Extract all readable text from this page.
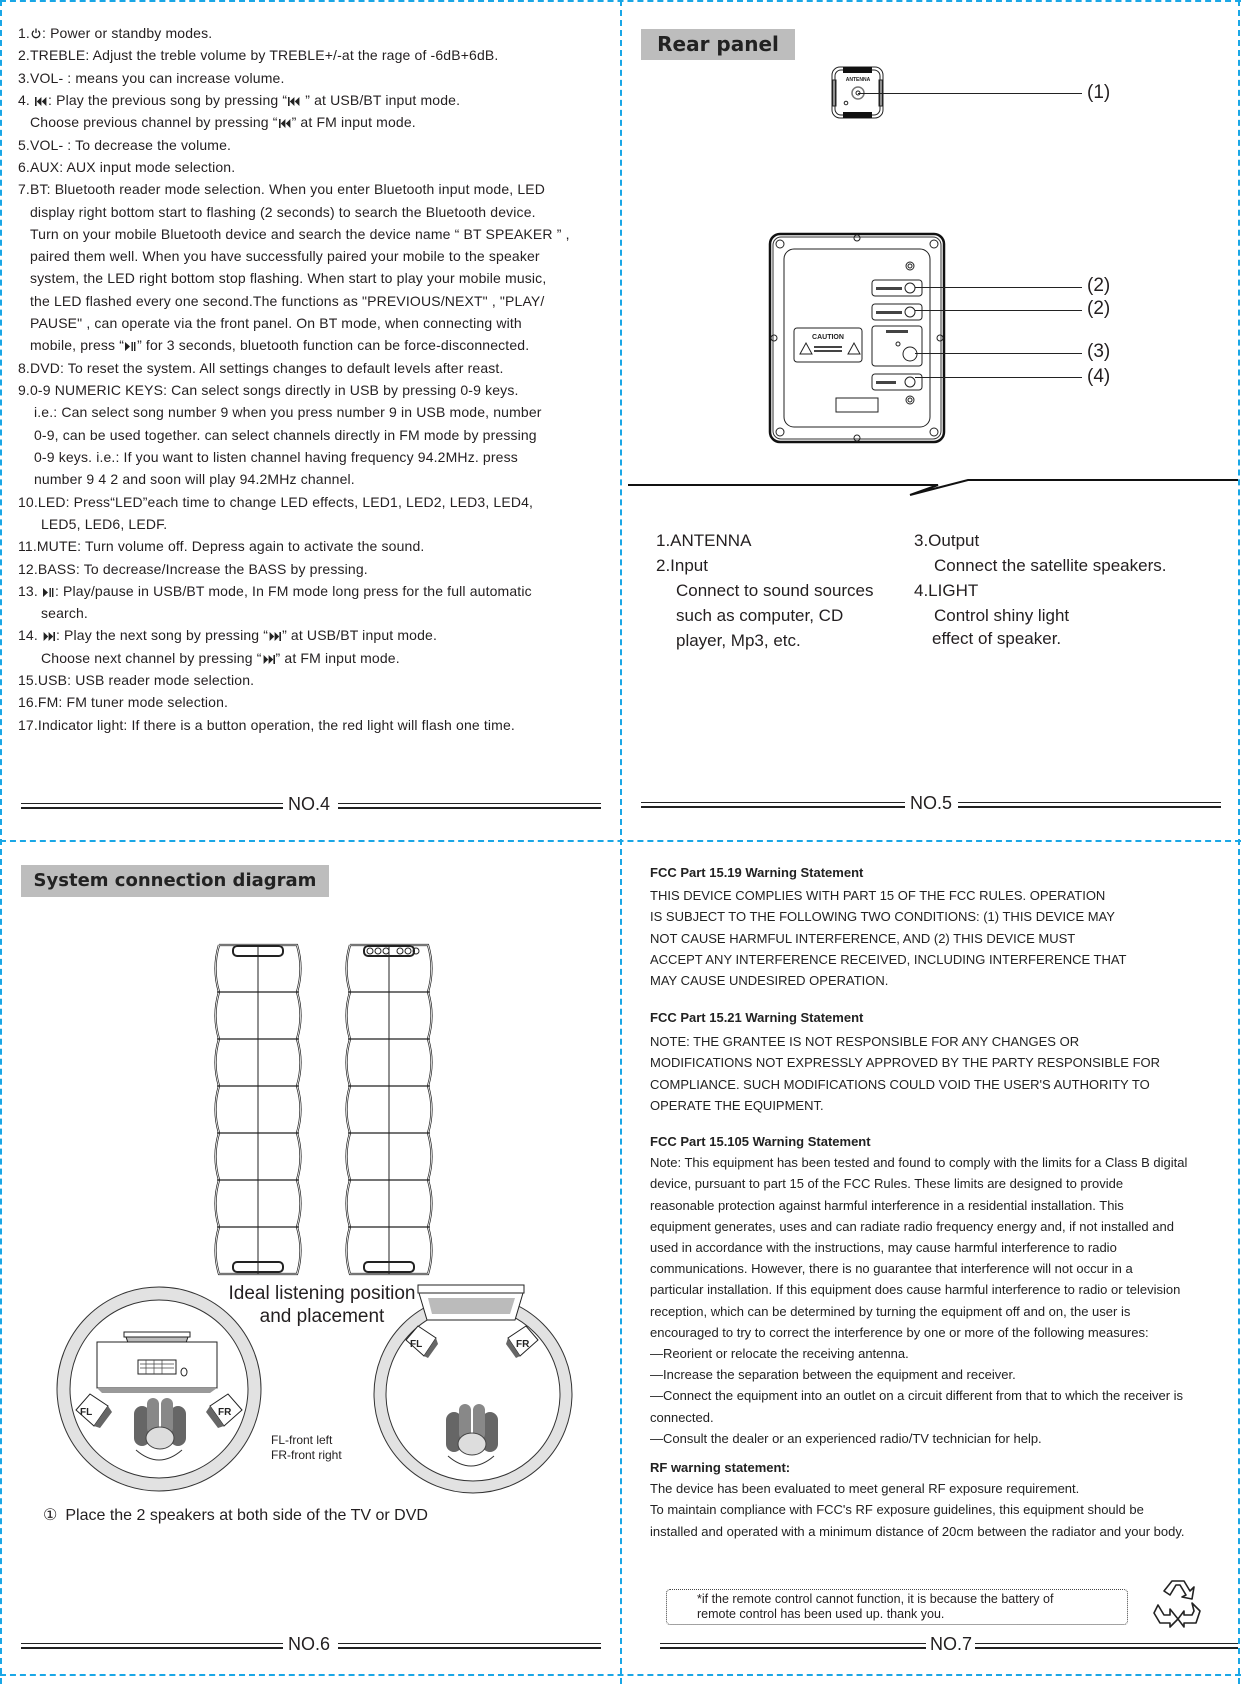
1. : Power or standby modes.
2.TREBLE: Adjust the treble volume by TREBLE+/-at the rage of -6dB+6dB.
3.VOL- : means you can increase volume.
4. : Play the previous song by pressing “ ” at USB/BT input mode.
Choose previous channel by pressing “ ” at FM input mode.
5.VOL- : To decrease the volume.
6.AUX: AUX input mode selection.
7.BT: Bluetooth reader mode selection. When you enter Bluetooth input mode, LED
display right bottom start to flashing (2 seconds) to search the Bluetooth device.
Turn on your mobile Bluetooth device and search the device name “ BT SPEAKER ” ,
paired them well. When you have successfully paired your mobile to the speaker
system, the LED right bottom stop flashing. When start to play your mobile music,
the LED flashed every one second.The functions as "PREVIOUS/NEXT" , "PLAY/
PAUSE" , can operate via the front panel. On BT mode, when connecting with
mobile, press “ ” for 3 seconds, bluetooth function can be force-disconnected.
8.DVD: To reset the system. All settings changes to default levels after reast.
9.0-9 NUMERIC KEYS: Can select songs directly in USB by pressing 0-9 keys.
i.e.: Can select song number 9 when you press number 9 in USB mode, number
0-9, can be used together. can select channels directly in FM mode by pressing
0-9 keys. i.e.: If you want to listen channel having frequency 94.2MHz. press
number 9 4 2 and soon will play 94.2MHz channel.
10.LED: Press“LED”each time to change LED effects, LED1, LED2, LED3, LED4,
LED5, LED6, LEDF.
11.MUTE: Turn volume off. Depress again to activate the sound.
12.BASS: To decrease/Increase the BASS by pressing.
13. : Play/pause in USB/BT mode, In FM mode long press for the full automatic
search.
14. : Play the next song by pressing “ ” at USB/BT input mode.
Choose next channel by pressing “ ” at FM input mode.
15.USB: USB reader mode selection.
16.FM: FM tuner mode selection.
17.Indicator light: If there is a button operation, the red light will flash one time.
NO.4
Rear panel
ANTENNA
(1)
CAUTION
(2)
(2)
(3)
(4)
1.ANTENNA
2.Input
Connect to sound sources
such as computer, CD
player, Mp3, etc.
3.Output
Connect the satellite speakers.
4.LIGHT
Control shiny light
effect of speaker.
NO.5
System connection diagram
FL	FR
Ideal listening position
and placement
FL	FR
FL-front left
FR-front right
① Place the 2 speakers at both side of the TV or DVD
NO.6
FCC Part 15.19 Warning Statement
THIS DEVICE COMPLIES WITH PART 15 OF THE FCC RULES. OPERATION
IS SUBJECT TO THE FOLLOWING TWO CONDITIONS: (1) THIS DEVICE MAY
NOT CAUSE HARMFUL INTERFERENCE, AND (2) THIS DEVICE MUST
ACCEPT ANY INTERFERENCE RECEIVED, INCLUDING INTERFERENCE THAT
MAY CAUSE UNDESIRED OPERATION.
FCC Part 15.21 Warning Statement
NOTE: THE GRANTEE IS NOT RESPONSIBLE FOR ANY CHANGES OR
MODIFICATIONS NOT EXPRESSLY APPROVED BY THE PARTY RESPONSIBLE FOR
COMPLIANCE. SUCH MODIFICATIONS COULD VOID THE USER'S AUTHORITY TO
OPERATE THE EQUIPMENT.
FCC Part 15.105 Warning Statement
Note: This equipment has been tested and found to comply with the limits for a Class B digital
device, pursuant to part 15 of the FCC Rules. These limits are designed to provide
reasonable protection against harmful interference in a residential installation. This
equipment generates, uses and can radiate radio frequency energy and, if not installed and
used in accordance with the instructions, may cause harmful interference to radio
communications. However, there is no guarantee that interference will not occur in a
particular installation. If this equipment does cause harmful interference to radio or television
reception, which can be determined by turning the equipment off and on, the user is
encouraged to try to correct the interference by one or more of the following measures:
—Reorient or relocate the receiving antenna.
—Increase the separation between the equipment and receiver.
—Connect the equipment into an outlet on a circuit different from that to which the receiver is
connected.
—Consult the dealer or an experienced radio/TV technician for help.
RF warning statement:
The device has been evaluated to meet general RF exposure requirement.
To maintain compliance with FCC's RF exposure guidelines, this equipment should be
installed and operated with a minimum distance of 20cm between the radiator and your body.
*if the remote control cannot function, it is because the battery of
remote control has been used up. thank you.
NO.7
